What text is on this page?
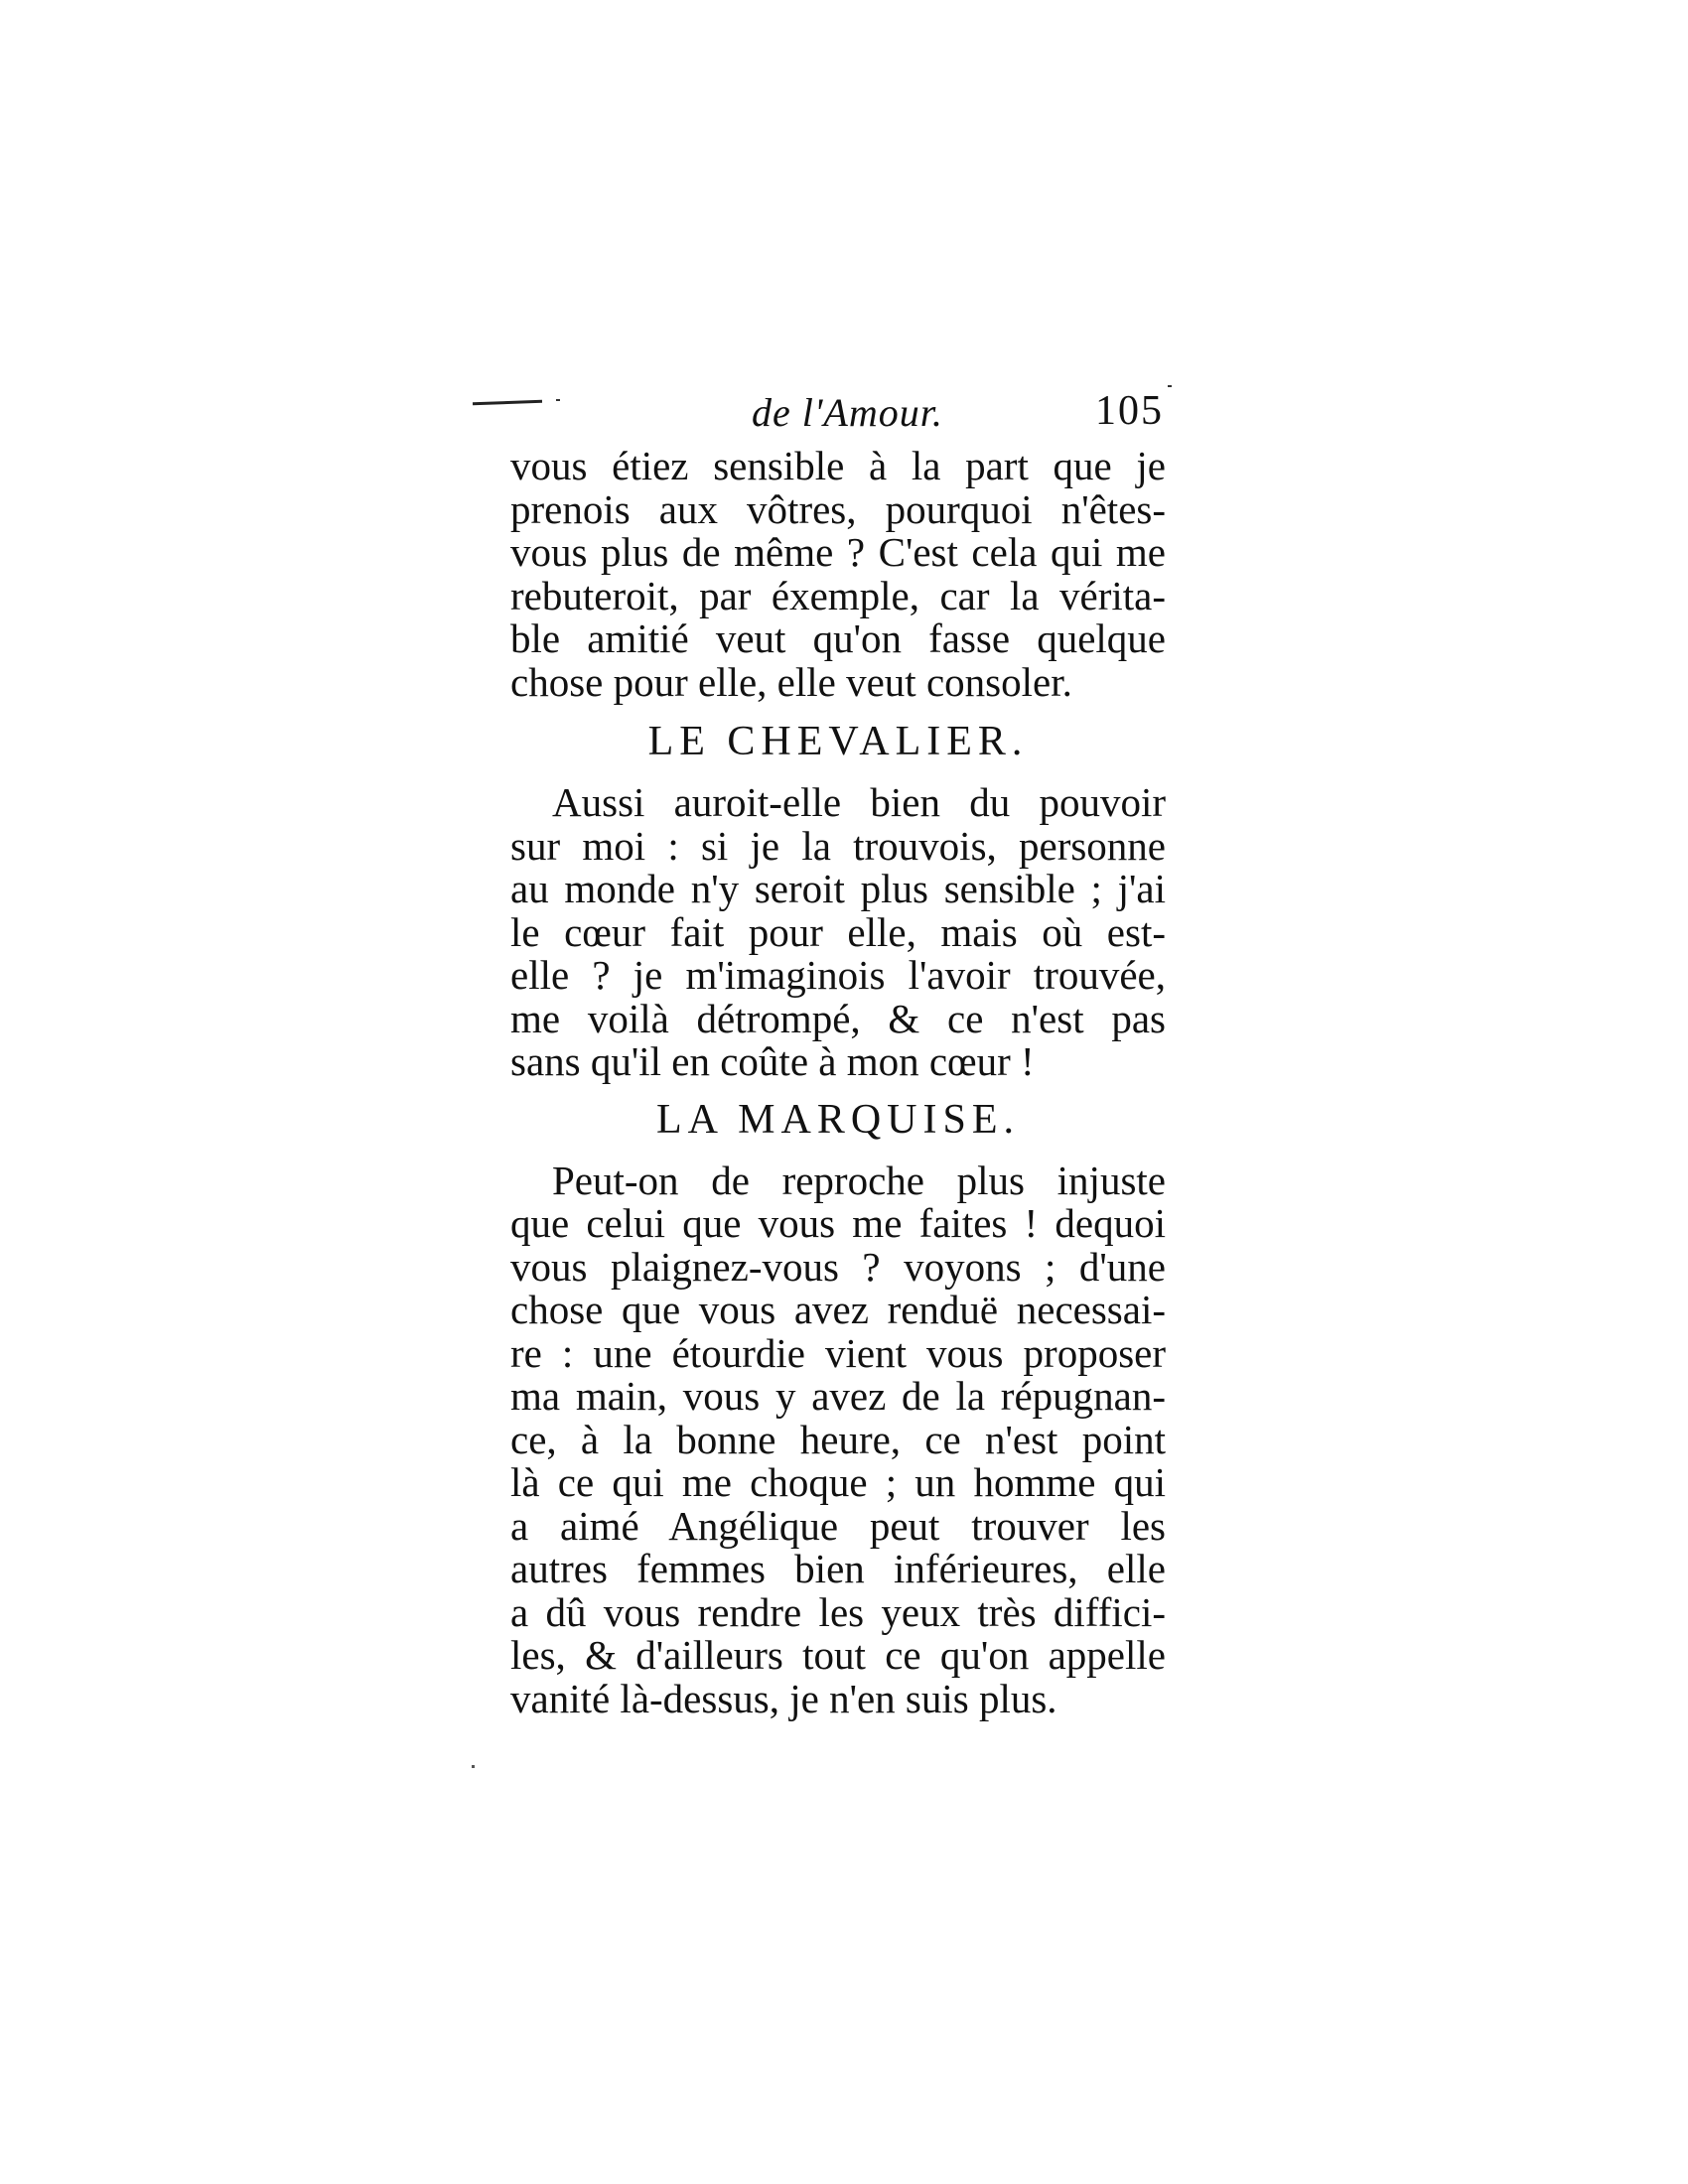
de l'Amour.	105
vous étiez sensible à la part que je
prenois aux vôtres, pourquoi n'êtes-
vous plus de même ? C'est cela qui me
rebuteroit, par éxemple, car la vérita-
ble amitié veut qu'on fasse quelque
chose pour elle, elle veut consoler.
LE CHEVALIER.
Aussi auroit-elle bien du pouvoir
sur moi : si je la trouvois, personne
au monde n'y seroit plus sensible ; j'ai
le cœur fait pour elle, mais où est-
elle ? je m'imaginois l'avoir trouvée,
me voilà détrompé, & ce n'est pas
sans qu'il en coûte à mon cœur !
LA MARQUISE.
Peut-on de reproche plus injuste
que celui que vous me faites ! dequoi
vous plaignez-vous ? voyons ; d'une
chose que vous avez renduë necessai-
re : une étourdie vient vous proposer
ma main, vous y avez de la répugnan-
ce, à la bonne heure, ce n'est point
là ce qui me choque ; un homme qui
a aimé Angélique peut trouver les
autres femmes bien inférieures, elle
a dû vous rendre les yeux très diffici-
les, & d'ailleurs tout ce qu'on appelle
vanité là-dessus, je n'en suis plus.
